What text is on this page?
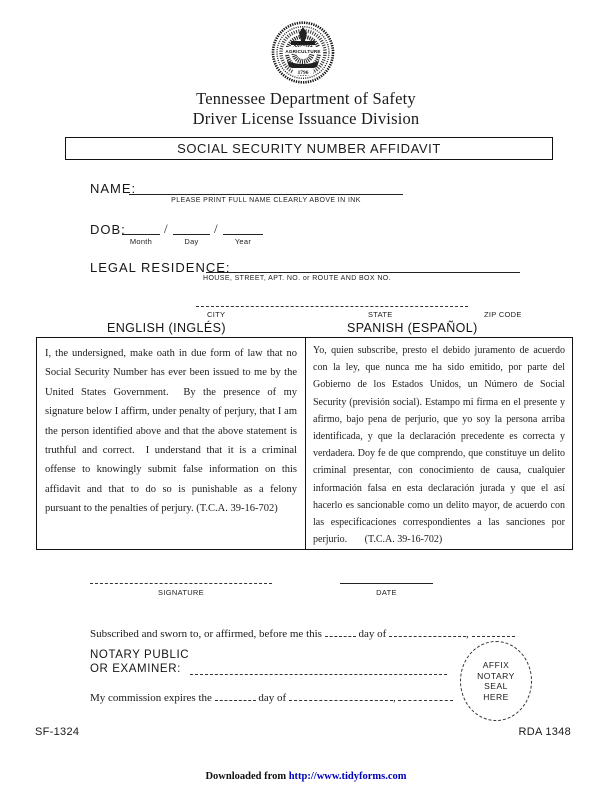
AGRICULTURE
1796
Tennessee Department of Safety
Driver License Issuance Division
SOCIAL SECURITY NUMBER AFFIDAVIT
NAME:
PLEASE PRINT FULL NAME CLEARLY ABOVE IN INK
DOB:	/	/
Month	Day	Year
LEGAL RESIDENCE:
HOUSE, STREET, APT. NO. or ROUTE AND BOX NO.
CITY	STATE	ZIP CODE
ENGLISH (INGLÉS)	SPANISH (ESPAÑOL)
I, the undersigned, make oath in due form of law that no Social Security Number has ever been issued to me by the United States Government.  By the presence of my signature below I affirm, under penalty of perjury, that I am the person identified above and that the above statement is truthful and correct.  I understand that it is a criminal offense to knowingly submit false information on this affidavit and that to do so is punishable as a felony pursuant to the penalties of perjury. (T.C.A. 39-16-702)
Yo, quien subscribe, presto el debido juramento de acuerdo con la ley, que nunca me ha sido emitido, por parte del Gobierno de los Estados Unidos, un Número de Social Security (previsión social). Estampo mi firma en el presente y afirmo, bajo pena de perjurio, que yo soy la persona arriba identificada, y que la declaración precedente es correcta y verdadera. Doy fe de que comprendo, que constituye un delito criminal presentar, con conocimiento de causa, cualquier información falsa en esta declaración jurada y que el así hacerlo es sancionable como un delito mayor, de acuerdo con las especificaciones correspondientes a las sanciones por perjurio.       (T.C.A. 39-16-702)
SIGNATURE	DATE
Subscribed and sworn to, or affirmed, before me this	day of	,
NOTARY PUBLIC
OR EXAMINER:
My commission expires the	day of	,
AFFIX
NOTARY
SEAL
HERE
SF-1324	RDA 1348
Downloaded from http://www.tidyforms.com
